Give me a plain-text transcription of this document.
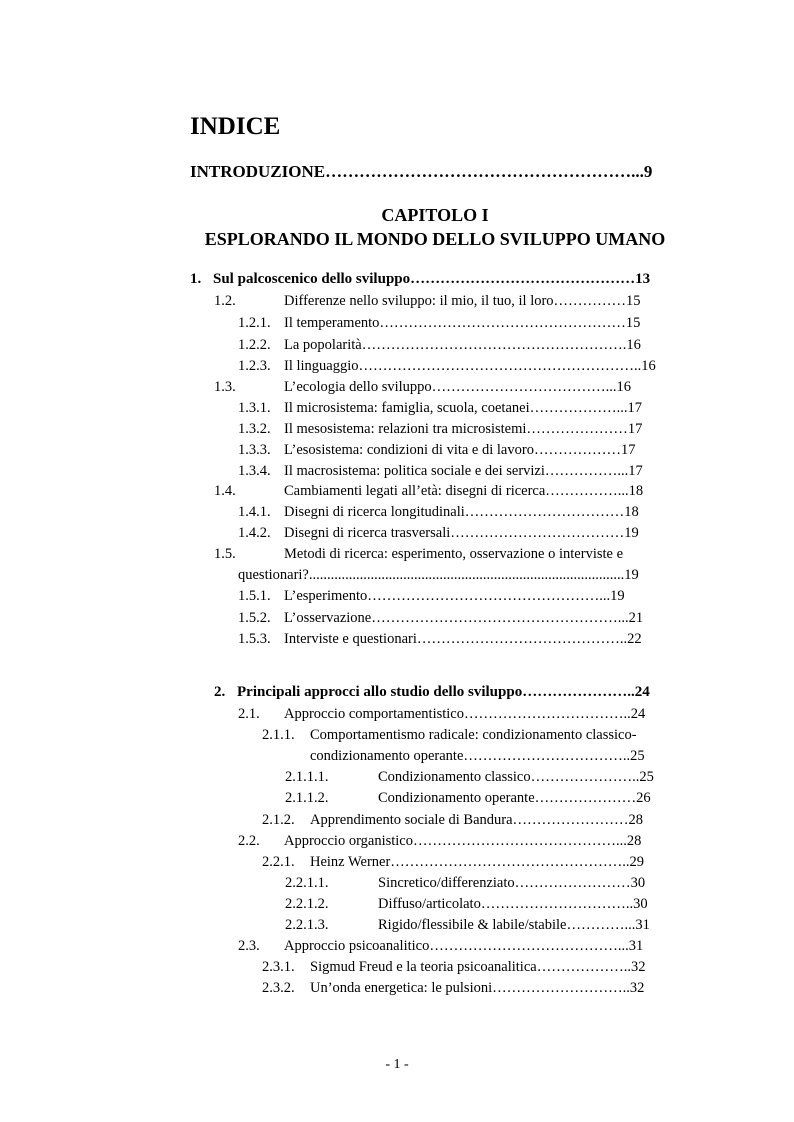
INDICE
INTRODUZIONE………………………………………………...9
CAPITOLO I
ESPLORANDO IL MONDO DELLO SVILUPPO UMANO
1. Sul palcoscenico dello sviluppo………………………………………13
1.2.	Differenze nello sviluppo: il mio, il tuo, il loro……………15
1.2.1. Il temperamento……………………………………………15
1.2.2. La popolarità……………………………………………….16
1.2.3. Il linguaggio…………………………………………………..16
1.3.	L’ecologia dello sviluppo………………………………...16
1.3.1. Il microsistema: famiglia, scuola, coetanei………………...17
1.3.2. Il mesosistema: relazioni tra microsistemi…………………17
1.3.3. L’esosistema: condizioni di vita e di lavoro………………17
1.3.4. Il macrosistema: politica sociale e dei servizi……………...17
1.4.	Cambiamenti legati all’età: disegni di ricerca……………...18
1.4.1. Disegni di ricerca longitudinali……………………………18
1.4.2. Disegni di ricerca trasversali………………………………19
1.5.	Metodi di ricerca: esperimento, osservazione o interviste e
questionari?.......................................................................................19
1.5.1. L’esperimento…………………………………………...19
1.5.2. L’osservazione……………………………………………...21
1.5.3. Interviste e questionari……………………………………..22
2. Principali approcci allo studio dello sviluppo…………………..24
2.1. Approccio comportamentistico……………………………..24
2.1.1. Comportamentismo radicale: condizionamento classico-
condizionamento operante……………………………..25
2.1.1.1.	Condizionamento classico…………………..25
2.1.1.2.	Condizionamento operante…………………26
2.1.2. Apprendimento sociale di Bandura……………………28
2.2. Approccio organistico……………………………………...28
2.2.1. Heinz Werner…………………………………………..29
2.2.1.1.	Sincretico/differenziato……………………30
2.2.1.2.	Diffuso/articolato…………………………..30
2.2.1.3.	Rigido/flessibile & labile/stabile…………...31
2.3. Approccio psicoanalitico…………………………………...31
2.3.1. Sigmud Freud e la teoria psicoanalitica………………..32
2.3.2. Un’onda energetica: le pulsioni………………………..32
- 1 -
